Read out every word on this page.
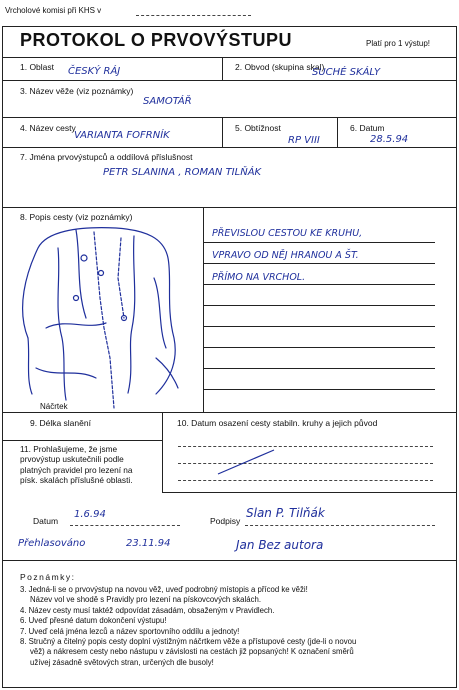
Vrcholové komisi při KHS v
PROTOKOL O PRVOVÝSTUPU	Platí pro 1 výstup!
1. Oblast ČESKÝ RÁJ	2. Obvod (skupina skal)
SUCHÉ SKÁLY
3. Název věže (viz poznámky)
SAMOTÁŘ
4. Název cesty
VARIANTA FOFRNÍK
5. Obtížnost
RP VIII
6. Datum
28.5.94
7. Jména prvovýstupců a oddílová příslušnost
PETR SLANINA , ROMAN TILŇÁK
8. Popis cesty (viz poznámky)
PŘEVISLOU CESTOU KE KRUHU,
VPRAVO OD NĚJ HRANOU A ŠT.
PŘÍMO NA VRCHOL.
Náčrtek
9. Délka slanění	10. Datum osazení cesty stabiln. kruhy a jejich původ
11. Prohlašujeme, že jsme prvovýstup uskutečnili podle platných pravidel pro lezení na písk. skalách příslušné oblasti.
Datum
1.6.94
Podpisy
Slan P. Tilňák
Přehlasováno	23.11.94	Jan Bez autora
Poznámky:
3. Jedná-li se o prvovýstup na novou věž, uveď podrobný místopis a přícod ke věži!
Název vol ve shodě s Pravidly pro lezení na pískovcových skalách.
4. Název cesty musí taktéž odpovídat zásadám, obsaženým v Pravidlech.
6. Uveď přesné datum dokončení výstupu!
7. Uveď celá jména lezců a název sportovního oddílu a jednoty!
8. Stručný a čitelný popis cesty doplní výstižným náčrtkem věže a přístupové cesty (jde-li o novou
věž) a nákresem cesty nebo nástupu v závislosti na cestách již popsaných! K označení směrů
užívej zásadně světových stran, určených dle busoly!
